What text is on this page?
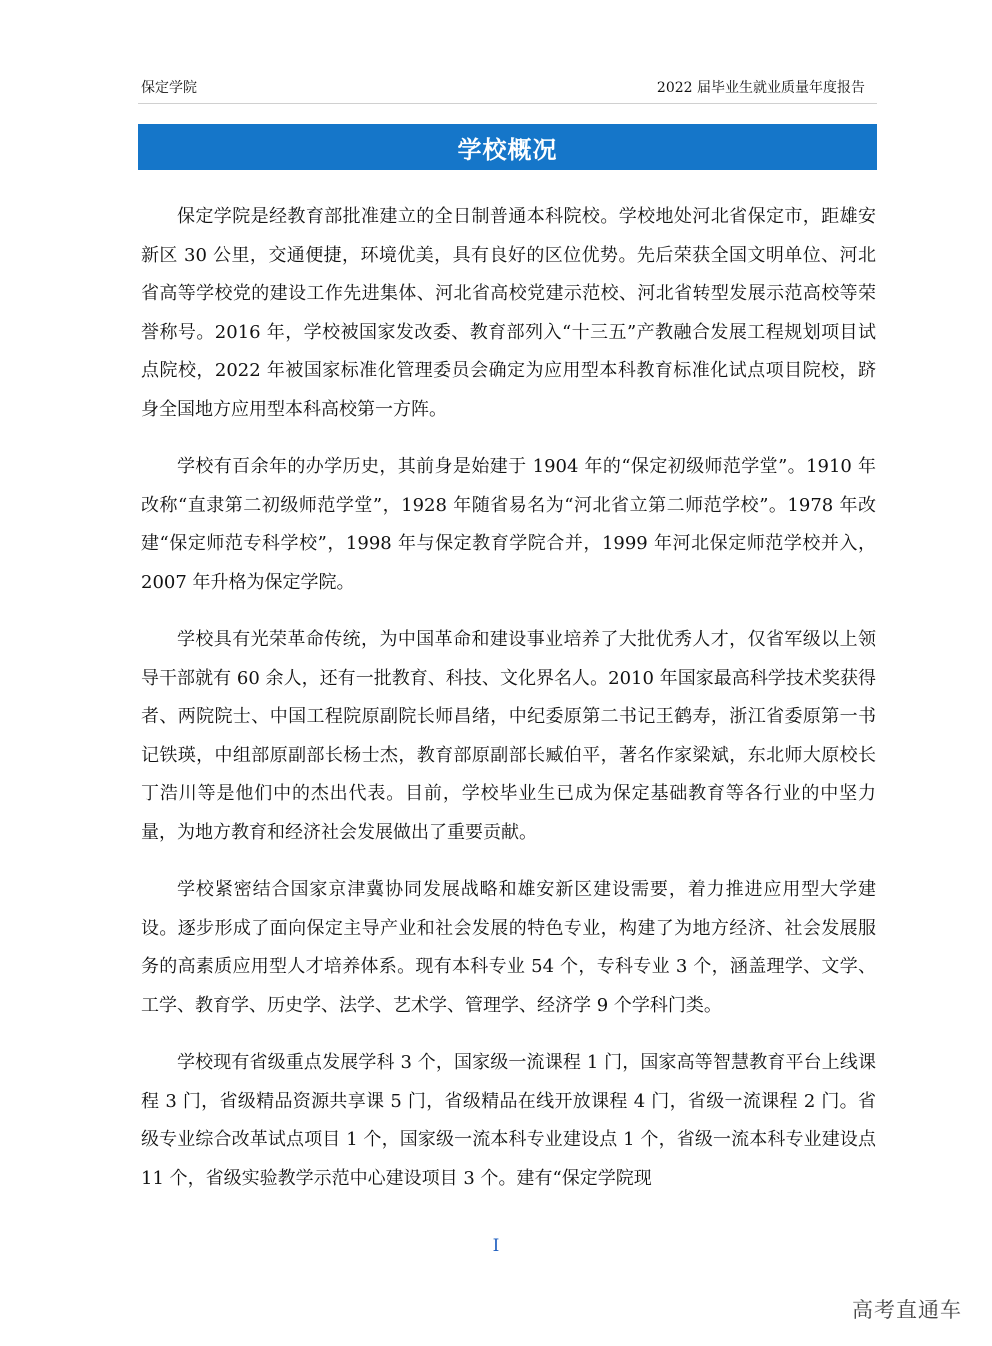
保定学院	2022 届毕业生就业质量年度报告
学校概况

保定学院是经教育部批准建立的全日制普通本科院校。学校地处河北省保定市，距雄安新区 30 公里，交通便捷，环境优美，具有良好的区位优势。先后荣获全国文明单位、河北省高等学校党的建设工作先进集体、河北省高校党建示范校、河北省转型发展示范高校等荣誉称号。2016 年，学校被国家发改委、教育部列入“十三五”产教融合发展工程规划项目试点院校，2022 年被国家标准化管理委员会确定为应用型本科教育标准化试点项目院校，跻身全国地方应用型本科高校第一方阵。

学校有百余年的办学历史，其前身是始建于 1904 年的“保定初级师范学堂”。1910 年改称“直隶第二初级师范学堂”，1928 年随省易名为“河北省立第二师范学校”。1978 年改建“保定师范专科学校”，1998 年与保定教育学院合并，1999 年河北保定师范学校并入，2007 年升格为保定学院。

学校具有光荣革命传统，为中国革命和建设事业培养了大批优秀人才，仅省军级以上领导干部就有 60 余人，还有一批教育、科技、文化界名人。2010 年国家最高科学技术奖获得者、两院院士、中国工程院原副院长师昌绪，中纪委原第二书记王鹤寿，浙江省委原第一书记铁瑛，中组部原副部长杨士杰，教育部原副部长臧伯平，著名作家梁斌，东北师大原校长丁浩川等是他们中的杰出代表。目前，学校毕业生已成为保定基础教育等各行业的中坚力量，为地方教育和经济社会发展做出了重要贡献。

学校紧密结合国家京津冀协同发展战略和雄安新区建设需要，着力推进应用型大学建设。逐步形成了面向保定主导产业和社会发展的特色专业，构建了为地方经济、社会发展服务的高素质应用型人才培养体系。现有本科专业 54 个，专科专业 3 个，涵盖理学、文学、工学、教育学、历史学、法学、艺术学、管理学、经济学 9 个学科门类。

学校现有省级重点发展学科 3 个，国家级一流课程 1 门，国家高等智慧教育平台上线课程 3 门，省级精品资源共享课 5 门，省级精品在线开放课程 4 门，省级一流课程 2 门。省级专业综合改革试点项目 1 个，国家级一流本科专业建设点 1 个，省级一流本科专业建设点 11 个，省级实验教学示范中心建设项目 3 个。建有“保定学院现

I
高考直通车
